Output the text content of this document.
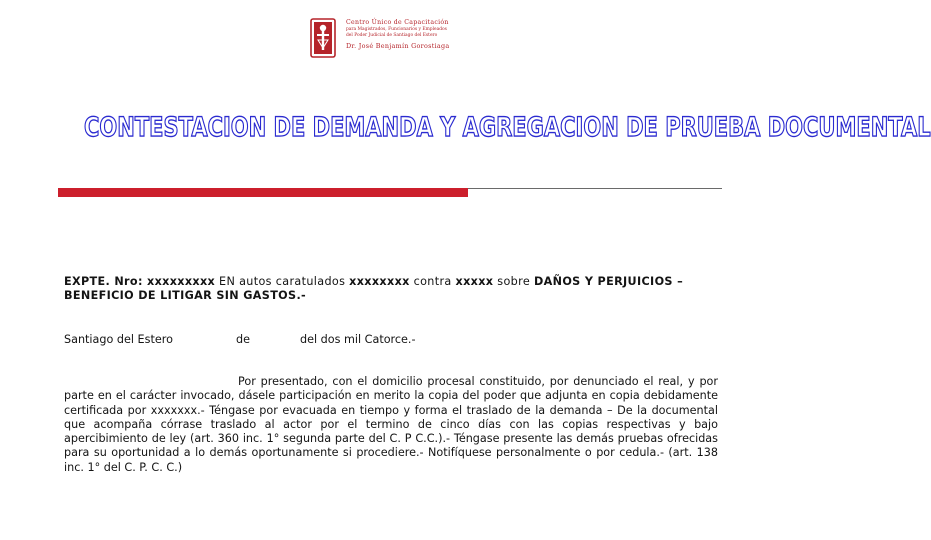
Centro Único de Capacitación
para Magistrados, Funcionarios y Empleados
del Poder Judicial de Santiago del Estero
Dr. José Benjamín Gorostiaga
CONTESTACION DE DEMANDA Y AGREGACION DE PRUEBA DOCUMENTAL
EXPTE. Nro: xxxxxxxxx EN autos caratulados xxxxxxxx contra xxxxx sobre DAÑOS Y PERJUICIOS – BENEFICIO DE LITIGAR SIN GASTOS.-
Santiago del Estero	de	del dos mil Catorce.-
Por presentado, con el domicilio procesal constituido, por denunciado el real, y por parte en el carácter invocado, dásele participación en merito la copia del poder que adjunta en copia debidamente certificada por xxxxxxx.- Téngase por evacuada en tiempo y forma el traslado de la demanda – De la documental que acompaña córrase traslado al actor por el termino de cinco días con las copias respectivas y bajo apercibimiento de ley (art. 360 inc. 1° segunda parte del C. P C.C.).- Téngase presente las demás pruebas ofrecidas para su oportunidad a lo demás oportunamente si procediere.- Notifíquese personalmente o por cedula.- (art. 138 inc. 1° del C. P. C. C.)
